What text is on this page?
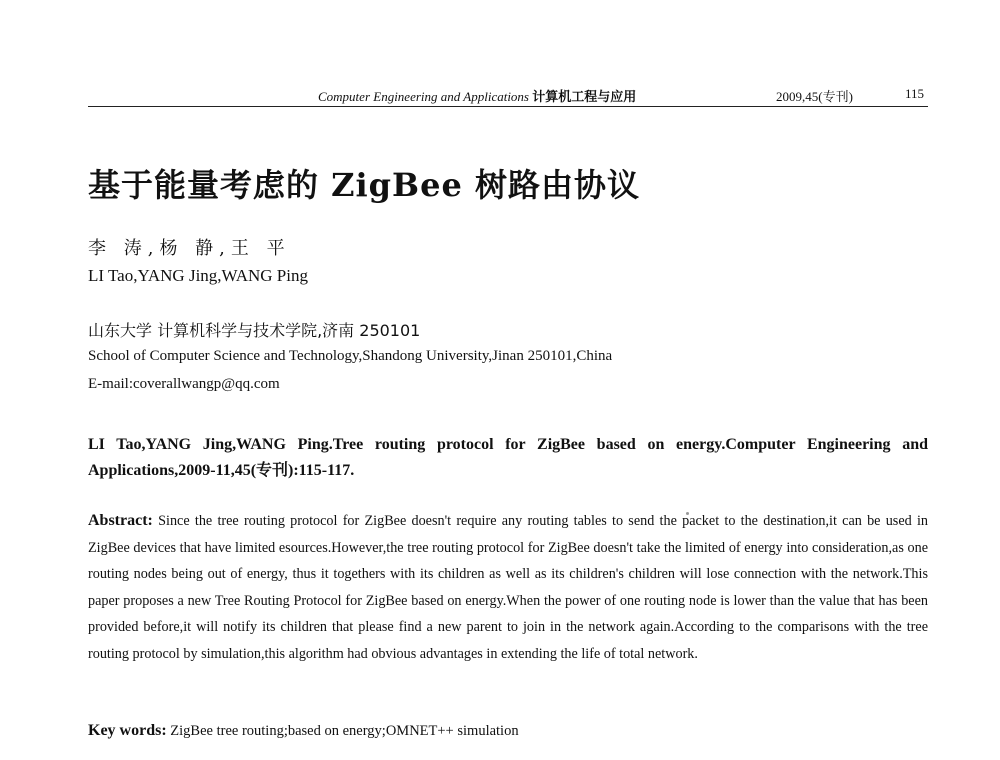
Computer Engineering and Applications 计算机工程与应用	2009,45(专刊)	115
基于能量考虑的 ZigBee 树路由协议
李 涛,杨 静,王 平
LI Tao,YANG Jing,WANG Ping
山东大学 计算机科学与技术学院,济南 250101
School of Computer Science and Technology,Shandong University,Jinan 250101,China
E-mail:coverallwangp@qq.com
LI Tao,YANG Jing,WANG Ping.Tree routing protocol for ZigBee based on energy.Computer Engineering and Applications,2009-11,45(专刊):115-117.
Abstract: Since the tree routing protocol for ZigBee doesn't require any routing tables to send the packet to the destination,it can be used in ZigBee devices that have limited esources.However,the tree routing protocol for ZigBee doesn't take the limited of energy into consideration,as one routing nodes being out of energy, thus it togethers with its children as well as its children's children will lose connection with the network.This paper proposes a new Tree Routing Protocol for ZigBee based on energy.When the power of one routing node is lower than the value that has been provided before,it will notify its children that please find a new parent to join in the network again.According to the comparisons with the tree routing protocol by simulation,this algorithm had obvious advantages in extending the life of total network.
Key words: ZigBee tree routing;based on energy;OMNET++ simulation
